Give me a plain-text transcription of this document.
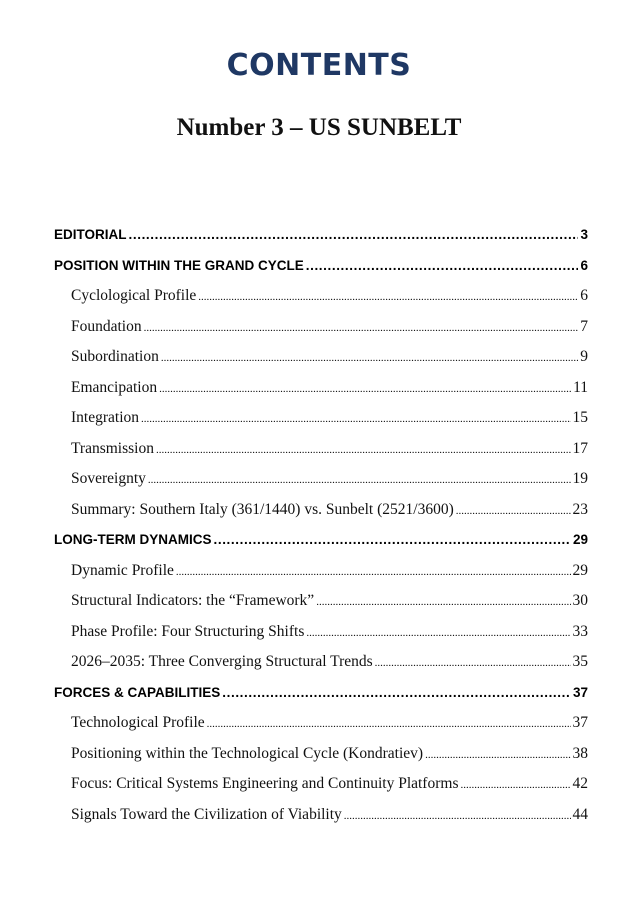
CONTENTS
Number 3 – US SUNBELT
EDITORIAL .....	3
POSITION WITHIN THE GRAND CYCLE .....	6
Cyclological Profile .....	6
Foundation .....	7
Subordination .....	9
Emancipation .....	11
Integration .....	15
Transmission .....	17
Sovereignty .....	19
Summary: Southern Italy (361/1440) vs. Sunbelt (2521/3600) .....	23
LONG-TERM DYNAMICS .....	29
Dynamic Profile .....	29
Structural Indicators: the “Framework” .....	30
Phase Profile: Four Structuring Shifts .....	33
2026–2035: Three Converging Structural Trends .....	35
FORCES & CAPABILITIES .....	37
Technological Profile .....	37
Positioning within the Technological Cycle (Kondratiev) .....	38
Focus: Critical Systems Engineering and Continuity Platforms .....	42
Signals Toward the Civilization of Viability .....	44
